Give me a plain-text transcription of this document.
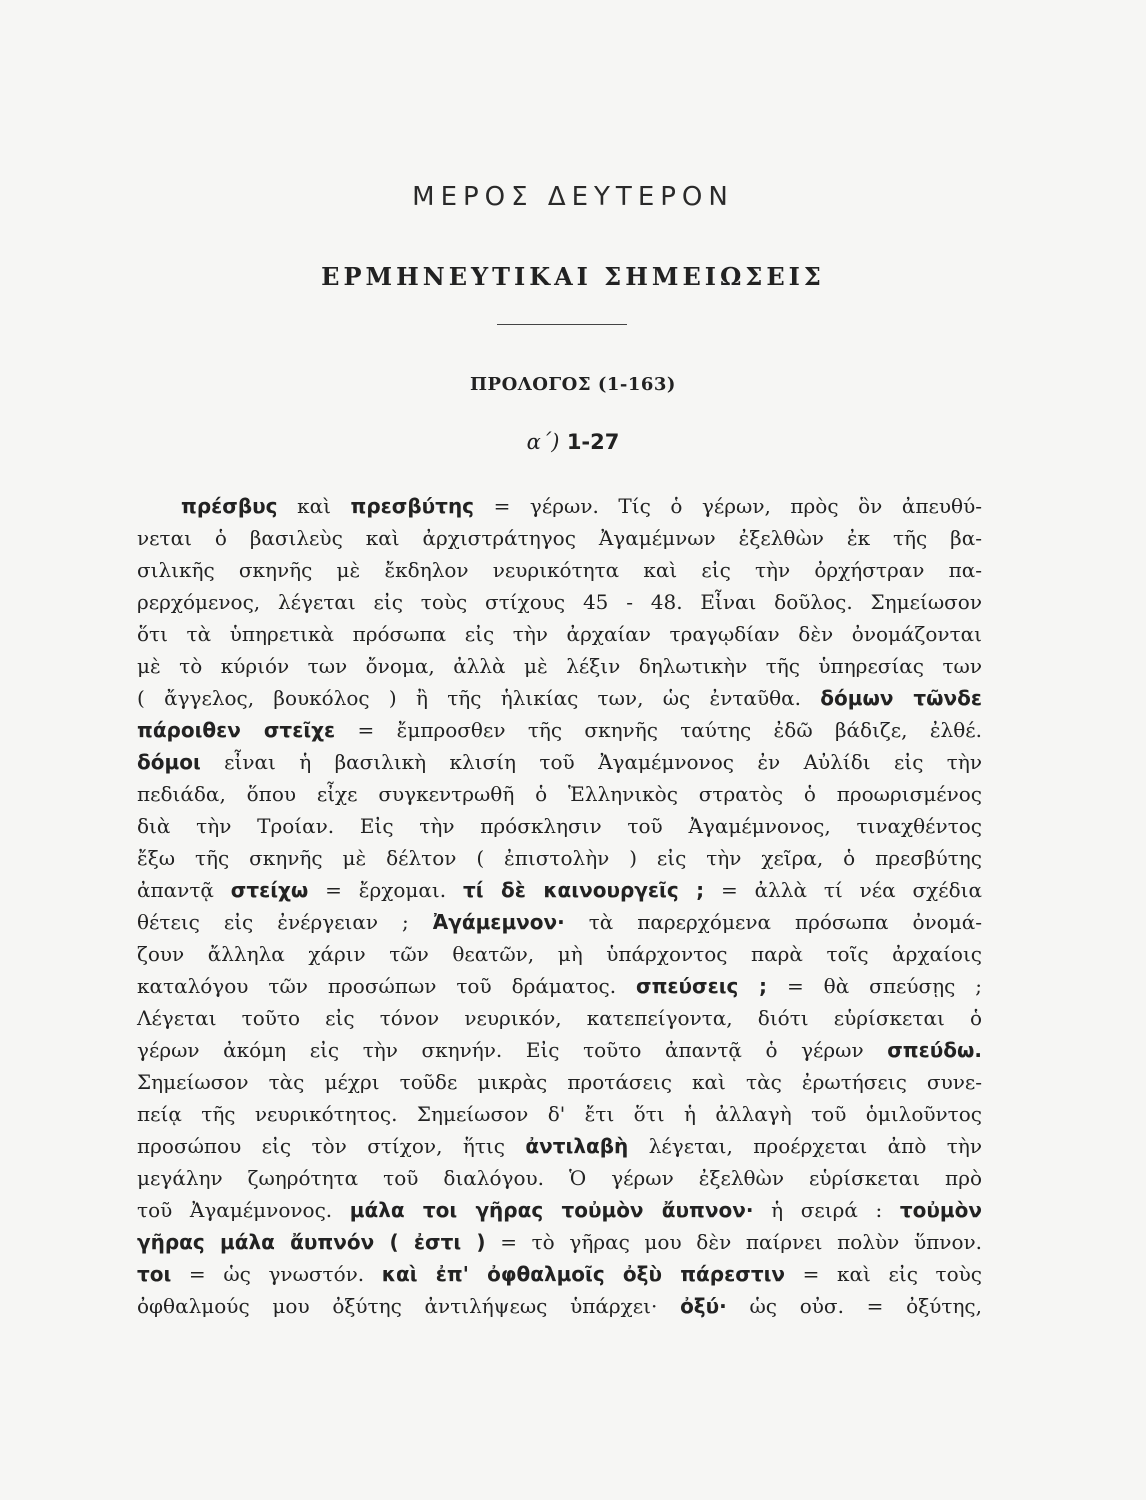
ΜΕΡΟΣ ΔΕΥΤΕΡΟΝ
ΕΡΜΗΝΕΥΤΙΚΑΙ ΣΗΜΕΙΩΣΕΙΣ
ΠΡΟΛΟΓΟΣ (1-163)
α΄) 1-27
πρέσβυς καὶ πρεσβύτης = γέρων. Τίς ὁ γέρων, πρὸς ὃν ἀπευθύ-
νεται ὁ βασιλεὺς καὶ ἀρχιστράτηγος Ἀγαμέμνων ἐξελθὼν ἐκ τῆς βα-
σιλικῆς σκηνῆς μὲ ἔκδηλον νευρικότητα καὶ εἰς τὴν ὀρχήστραν πα-
ρερχόμενος, λέγεται εἰς τοὺς στίχους 45 - 48. Εἶναι δοῦλος. Σημείωσον
ὅτι τὰ ὑπηρετικὰ πρόσωπα εἰς τὴν ἀρχαίαν τραγῳδίαν δὲν ὀνομάζονται
μὲ τὸ κύριόν των ὄνομα, ἀλλὰ μὲ λέξιν δηλωτικὴν τῆς ὑπηρεσίας των
( ἄγγελος, βουκόλος ) ἢ τῆς ἡλικίας των, ὡς ἐνταῦθα. δόμων τῶνδε
πάροιθεν στεῖχε = ἔμπροσθεν τῆς σκηνῆς ταύτης ἐδῶ βάδιζε, ἐλθέ.
δόμοι εἶναι ἡ βασιλικὴ κλισίη τοῦ Ἀγαμέμνονος ἐν Αὐλίδι εἰς τὴν
πεδιάδα, ὅπου εἶχε συγκεντρωθῆ ὁ Ἑλληνικὸς στρατὸς ὁ προωρισμένος
διὰ τὴν Τροίαν. Εἰς τὴν πρόσκλησιν τοῦ Ἀγαμέμνονος, τιναχθέντος
ἔξω τῆς σκηνῆς μὲ δέλτον ( ἐπιστολὴν ) εἰς τὴν χεῖρα, ὁ πρεσβύτης
ἀπαντᾷ στείχω = ἔρχομαι. τί δὲ καινουργεῖς ; = ἀλλὰ τί νέα σχέδια
θέτεις εἰς ἐνέργειαν ; Ἀγάμεμνον· τὰ παρερχόμενα πρόσωπα ὀνομά-
ζουν ἄλληλα χάριν τῶν θεατῶν, μὴ ὑπάρχοντος παρὰ τοῖς ἀρχαίοις
καταλόγου τῶν προσώπων τοῦ δράματος. σπεύσεις ; = θὰ σπεύσῃς ;
Λέγεται τοῦτο εἰς τόνον νευρικόν, κατεπείγοντα, διότι εὑρίσκεται ὁ
γέρων ἀκόμη εἰς τὴν σκηνήν. Εἰς τοῦτο ἀπαντᾷ ὁ γέρων σπεύδω.
Σημείωσον τὰς μέχρι τοῦδε μικρὰς προτάσεις καὶ τὰς ἐρωτήσεις συνε-
πείᾳ τῆς νευρικότητος. Σημείωσον δ' ἔτι ὅτι ἡ ἀλλαγὴ τοῦ ὁμιλοῦντος
προσώπου εἰς τὸν στίχον, ἥτις ἀντιλαβὴ λέγεται, προέρχεται ἀπὸ τὴν
μεγάλην ζωηρότητα τοῦ διαλόγου. Ὁ γέρων ἐξελθὼν εὑρίσκεται πρὸ
τοῦ Ἀγαμέμνονος. μάλα τοι γῆρας τοὐμὸν ἄυπνον· ἡ σειρά : τοὐμὸν
γῆρας μάλα ἄυπνόν ( ἐστι ) = τὸ γῆρας μου δὲν παίρνει πολὺν ὕπνον.
τοι = ὡς γνωστόν. καὶ ἐπ' ὀφθαλμοῖς ὀξὺ πάρεστιν = καὶ εἰς τοὺς
ὀφθαλμούς μου ὀξύτης ἀντιλήψεως ὑπάρχει· ὀξύ· ὡς οὐσ. = ὀξύτης,
